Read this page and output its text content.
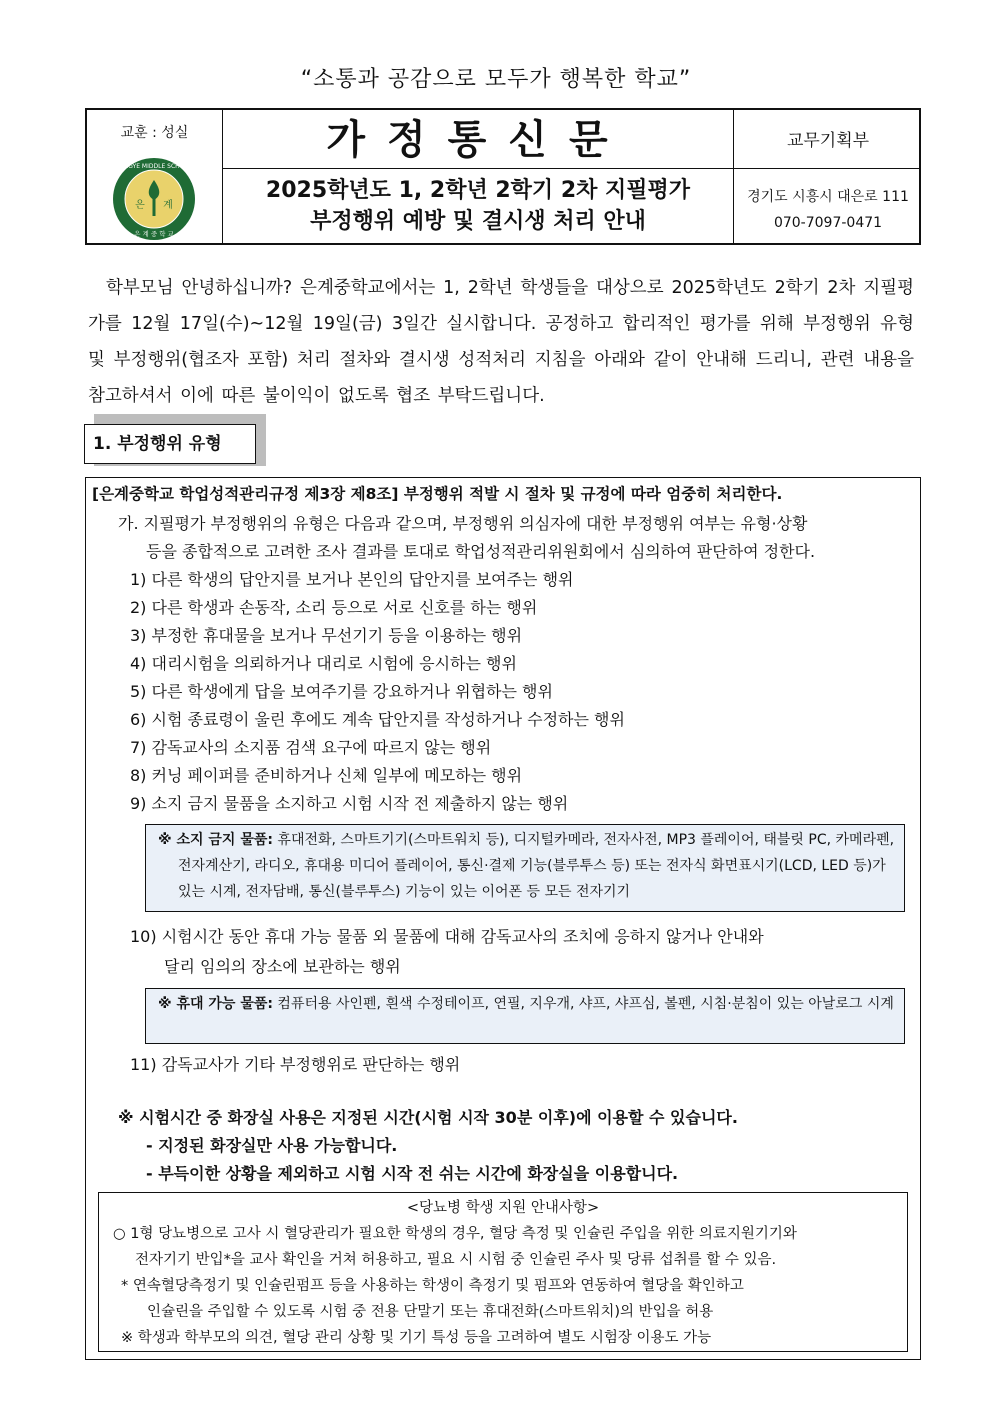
“소통과 공감으로 모두가 행복한 학교”
교훈 : 성실
EUNGYE MIDDLE SCHOOL
은 계
은 계 중 학 교
가정통신문	교무기획부
2025학년도 1, 2학년 2학기 2차 지필평가
부정행위 예방 및 결시생 처리 안내
경기도 시흥시 대은로 111
070-7097-0471
학부모님 안녕하십니까? 은계중학교에서는 1, 2학년 학생들을 대상으로 2025학년도 2학기 2차 지필평가를 12월 17일(수)~12월 19일(금) 3일간 실시합니다. 공정하고 합리적인 평가를 위해 부정행위 유형 및 부정행위(협조자 포함) 처리 절차와 결시생 성적처리 지침을 아래와 같이 안내해 드리니, 관련 내용을 참고하셔서 이에 따른 불이익이 없도록 협조 부탁드립니다.
1. 부정행위 유형
[은계중학교 학업성적관리규정 제3장 제8조] 부정행위 적발 시 절차 및 규정에 따라 엄중히 처리한다.
가. 지필평가 부정행위의 유형은 다음과 같으며, 부정행위 의심자에 대한 부정행위 여부는 유형·상황
등을 종합적으로 고려한 조사 결과를 토대로 학업성적관리위원회에서 심의하여 판단하여 정한다.
1) 다른 학생의 답안지를 보거나 본인의 답안지를 보여주는 행위
2) 다른 학생과 손동작, 소리 등으로 서로 신호를 하는 행위
3) 부정한 휴대물을 보거나 무선기기 등을 이용하는 행위
4) 대리시험을 의뢰하거나 대리로 시험에 응시하는 행위
5) 다른 학생에게 답을 보여주기를 강요하거나 위협하는 행위
6) 시험 종료령이 울린 후에도 계속 답안지를 작성하거나 수정하는 행위
7) 감독교사의 소지품 검색 요구에 따르지 않는 행위
8) 커닝 페이퍼를 준비하거나 신체 일부에 메모하는 행위
9) 소지 금지 물품을 소지하고 시험 시작 전 제출하지 않는 행위
※ 소지 금지 물품: 휴대전화, 스마트기기(스마트워치 등), 디지털카메라, 전자사전, MP3 플레이어, 태블릿 PC, 카메라펜, 전자계산기, 라디오, 휴대용 미디어 플레이어, 통신·결제 기능(블루투스 등) 또는 전자식 화면표시기(LCD, LED 등)가 있는 시계, 전자담배, 통신(블루투스) 기능이 있는 이어폰 등 모든 전자기기
10) 시험시간 동안 휴대 가능 물품 외 물품에 대해 감독교사의 조치에 응하지 않거나 안내와
달리 임의의 장소에 보관하는 행위
※ 휴대 가능 물품: 컴퓨터용 사인펜, 흰색 수정테이프, 연필, 지우개, 샤프, 샤프심, 볼펜, 시침·분침이 있는 아날로그 시계
11) 감독교사가 기타 부정행위로 판단하는 행위
※ 시험시간 중 화장실 사용은 지정된 시간(시험 시작 30분 이후)에 이용할 수 있습니다.
- 지정된 화장실만 사용 가능합니다.
- 부득이한 상황을 제외하고 시험 시작 전 쉬는 시간에 화장실을 이용합니다.
<당뇨병 학생 지원 안내사항>
○ 1형 당뇨병으로 고사 시 혈당관리가 필요한 학생의 경우, 혈당 측정 및 인슐린 주입을 위한 의료지원기기와
전자기기 반입*을 교사 확인을 거쳐 허용하고, 필요 시 시험 중 인슐린 주사 및 당류 섭취를 할 수 있음.
* 연속혈당측정기 및 인슐린펌프 등을 사용하는 학생이 측정기 및 펌프와 연동하여 혈당을 확인하고
인슐린을 주입할 수 있도록 시험 중 전용 단말기 또는 휴대전화(스마트워치)의 반입을 허용
※ 학생과 학부모의 의견, 혈당 관리 상황 및 기기 특성 등을 고려하여 별도 시험장 이용도 가능
